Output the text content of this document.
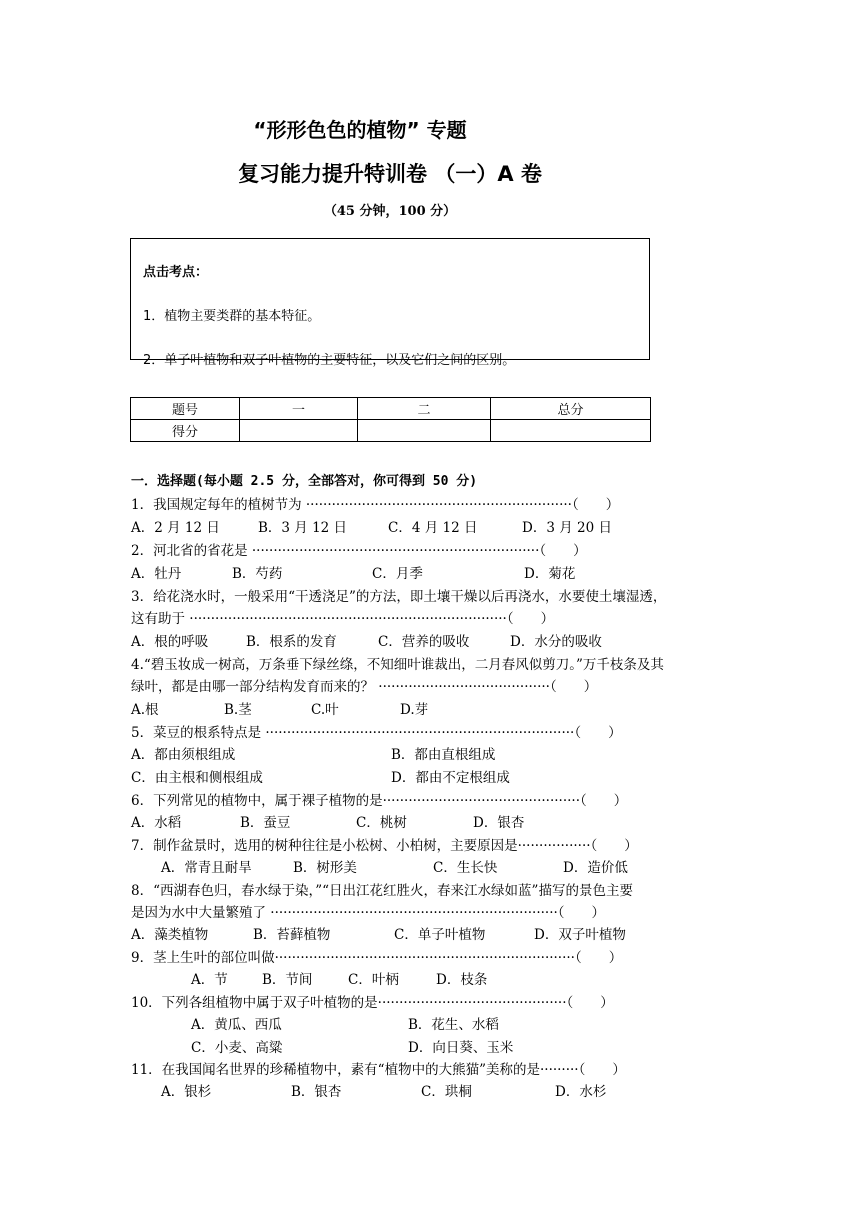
“形形色色的植物” 专题
复习能力提升特训卷 （一）A 卷
（45 分钟，100 分）
点击考点：
1．植物主要类群的基本特征。
2．单子叶植物和双子叶植物的主要特征，以及它们之间的区别。
题号	一	二	总分
得分			
一．选择题(每小题 2.5 分，全部答对，你可得到 50 分)
1．我国规定每年的植树节为 ······························································（　　）
A．2 月 12 日	B．3 月 12 日	C．4 月 12 日	D．3 月 20 日
2．河北省的省花是 ···································································（　　）
A．牡丹	B．芍药	C．月季	D．菊花
3．给花浇水时，一般采用“干透浇足”的方法，即土壤干燥以后再浇水，水要使土壤湿透，
这有助于 ··········································································（　　）
A．根的呼吸	B．根系的发育	C．营养的吸收	D．水分的吸收
4.“碧玉妆成一树高，万条垂下绿丝绦，不知细叶谁裁出，二月春风似剪刀。”万千枝条及其
绿叶，都是由哪一部分结构发育而来的？ ········································（　　）
A.根	B.茎	C.叶	D.芽
5．菜豆的根系特点是 ········································································（　　）
A．都由须根组成	B．都由直根组成
C．由主根和侧根组成	D．都由不定根组成
6．下列常见的植物中，属于裸子植物的是··············································（　　）
A．水稻	B．蚕豆	C．桃树	D．银杏
7．制作盆景时，选用的树种往往是小松树、小柏树，主要原因是·················（　　）
A．常青且耐旱	B．树形美	C．生长快	D．造价低
8．“西湖春色归，春水绿于染，”“日出江花红胜火，春来江水绿如蓝”描写的景色主要
是因为水中大量繁殖了 ···································································（　　）
A．藻类植物	B．苔藓植物	C．单子叶植物	D．双子叶植物
9．茎上生叶的部位叫做······································································（　　）
A．节	B．节间	C．叶柄	D．枝条
10．下列各组植物中属于双子叶植物的是············································（　　）
A．黄瓜、西瓜	B．花生、水稻
C．小麦、高粱	D．向日葵、玉米
11．在我国闻名世界的珍稀植物中，素有“植物中的大熊猫”美称的是·········（　　）
A．银杉	B．银杏	C．珙桐	D．水杉
